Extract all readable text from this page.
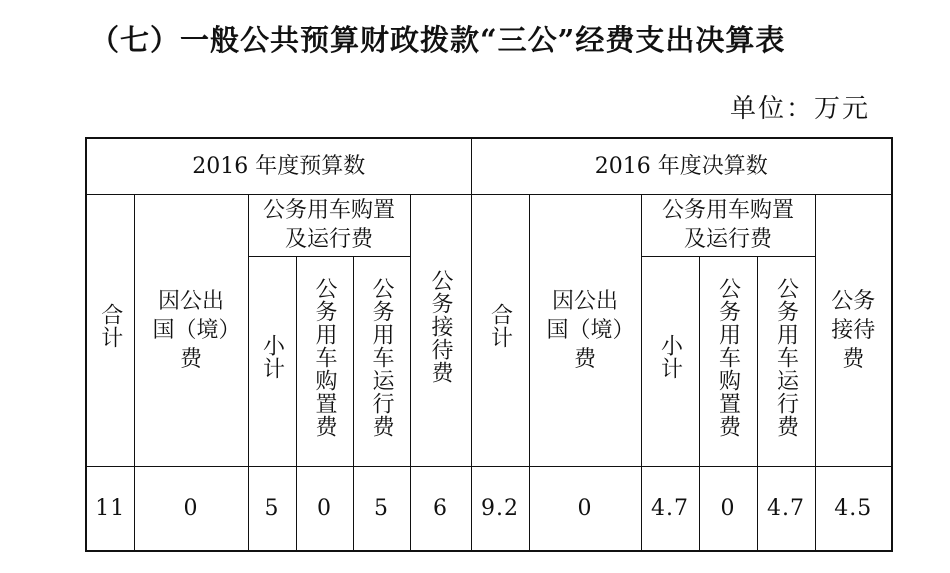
（七）一般公共预算财政拨款“三公”经费支出决算表
单位：万元
2016 年度预算数						2016 年度决算数					
合计	因公出国（境）费	公务用车购置及运行费			公务接待费	合计	因公出国（境）费	公务用车购置及运行费			公务接待费
		小计	公务用车购置费	公务用车运行费				小计	公务用车购置费	公务用车运行费	
11	0	5	0	5	6	9.2	0	4.7	0	4.7	4.5
